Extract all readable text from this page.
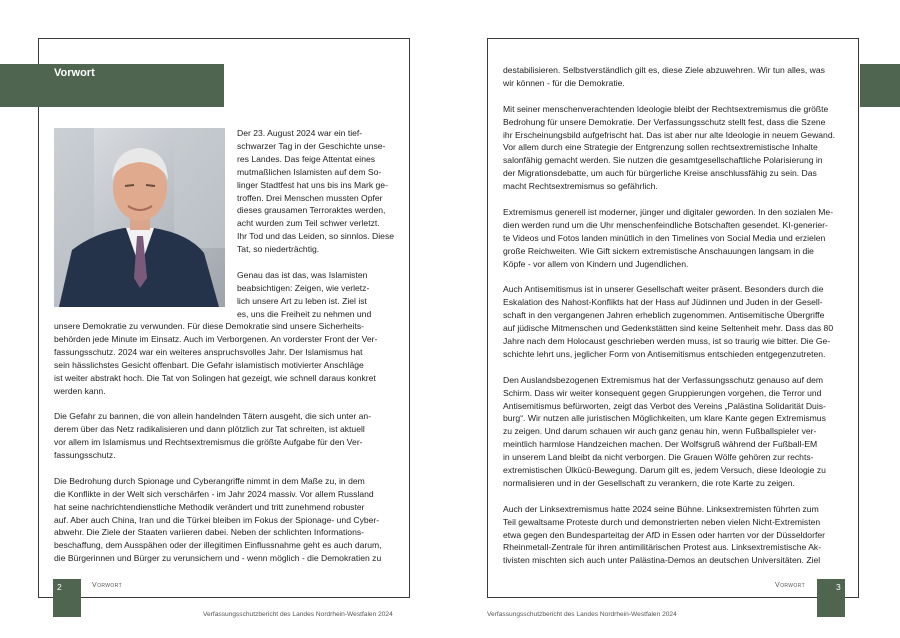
Vorwort

Der 23. August 2024 war ein tief-

schwarzer Tag in der Geschichte unse-

res Landes. Das feige Attentat eines

mutmaßlichen Islamisten auf dem So-

linger Stadtfest hat uns bis ins Mark ge-

troffen. Drei Menschen mussten Opfer

dieses grausamen Terroraktes werden,

acht wurden zum Teil schwer verletzt.

Ihr Tod und das Leiden, so sinnlos. Diese

Tat, so niederträchtig.

Genau das ist das, was Islamisten

beabsichtigen: Zeigen, wie verletz-

lich unsere Art zu leben ist. Ziel ist

es, uns die Freiheit zu nehmen und

unsere Demokratie zu verwunden. Für diese Demokratie sind unsere Sicherheits-

behörden jede Minute im Einsatz. Auch im Verborgenen. An vorderster Front der Ver-

fassungsschutz. 2024 war ein weiteres anspruchsvolles Jahr. Der Islamismus hat

sein hässlichstes Gesicht offenbart. Die Gefahr islamistisch motivierter Anschläge

ist weiter abstrakt hoch. Die Tat von Solingen hat gezeigt, wie schnell daraus konkret

werden kann.

Die Gefahr zu bannen, die von allein handelnden Tätern ausgeht, die sich unter an-

derem über das Netz radikalisieren und dann plötzlich zur Tat schreiten, ist aktuell

vor allem im Islamismus und Rechtsextremismus die größte Aufgabe für den Ver-

fassungsschutz.

Die Bedrohung durch Spionage und Cyberangriffe nimmt in dem Maße zu, in dem

die Konflikte in der Welt sich verschärfen - im Jahr 2024 massiv. Vor allem Russland

hat seine nachrichtendienstliche Methodik verändert und tritt zunehmend robuster

auf. Aber auch China, Iran und die Türkei bleiben im Fokus der Spionage- und Cyber-

abwehr. Die Ziele der Staaten variieren dabei. Neben der schlichten Informations-

beschaffung, dem Ausspähen oder der illegitimen Einflussnahme geht es auch darum,

die Bürgerinnen und Bürger zu verunsichern und - wenn möglich - die Demokratien zu

destabilisieren. Selbstverständlich gilt es, diese Ziele abzuwehren. Wir tun alles, was

wir können - für die Demokratie.

Mit seiner menschenverachtenden Ideologie bleibt der Rechtsextremismus die größte

Bedrohung für unsere Demokratie. Der Verfassungsschutz stellt fest, dass die Szene

ihr Erscheinungsbild aufgefrischt hat. Das ist aber nur alte Ideologie in neuem Gewand.

Vor allem durch eine Strategie der Entgrenzung sollen rechtsextremistische Inhalte

salonfähig gemacht werden. Sie nutzen die gesamtgesellschaftliche Polarisierung in

der Migrationsdebatte, um auch für bürgerliche Kreise anschlussfähig zu sein. Das

macht Rechtsextremismus so gefährlich.

Extremismus generell ist moderner, jünger und digitaler geworden. In den sozialen Me-

dien werden rund um die Uhr menschenfeindliche Botschaften gesendet. KI-generier-

te Videos und Fotos landen minütlich in den Timelines von Social Media und erzielen

große Reichweiten. Wie Gift sickern extremistische Anschauungen langsam in die

Köpfe - vor allem von Kindern und Jugendlichen.

Auch Antisemitismus ist in unserer Gesellschaft weiter präsent. Besonders durch die

Eskalation des Nahost-Konflikts hat der Hass auf Jüdinnen und Juden in der Gesell-

schaft in den vergangenen Jahren erheblich zugenommen. Antisemitische Übergriffe

auf jüdische Mitmenschen und Gedenkstätten sind keine Seltenheit mehr. Dass das 80

Jahre nach dem Holocaust geschrieben werden muss, ist so traurig wie bitter. Die Ge-

schichte lehrt uns, jeglicher Form von Antisemitismus entschieden entgegenzutreten.

Den Auslandsbezogenen Extremismus hat der Verfassungsschutz genauso auf dem

Schirm. Dass wir weiter konsequent gegen Gruppierungen vorgehen, die Terror und

Antisemitismus befürworten, zeigt das Verbot des Vereins „Palästina Solidarität Duis-

burg“. Wir nutzen alle juristischen Möglichkeiten, um klare Kante gegen Extremismus

zu zeigen. Und darum schauen wir auch ganz genau hin, wenn Fußballspieler ver-

meintlich harmlose Handzeichen machen. Der Wolfsgruß während der Fußball-EM

in unserem Land bleibt da nicht verborgen. Die Grauen Wölfe gehören zur rechts-

extremistischen Ülkücü-Bewegung. Darum gilt es, jedem Versuch, diese Ideologie zu

normalisieren und in der Gesellschaft zu verankern, die rote Karte zu zeigen.

Auch der Linksextremismus hatte 2024 seine Bühne. Linksextremisten führten zum

Teil gewaltsame Proteste durch und demonstrierten neben vielen Nicht-Extremisten

etwa gegen den Bundesparteitag der AfD in Essen oder harrten vor der Düsseldorfer

Rheinmetall-Zentrale für ihren antimilitärischen Protest aus. Linksextremistische Ak-

tivisten mischten sich auch unter Palästina-Demos an deutschen Universitäten. Ziel

2	Vorwort
Verfassungsschutzbericht des Landes Nordrhein-Westfalen 2024
3
Vorwort
Verfassungsschutzbericht des Landes Nordrhein-Westfalen 2024
